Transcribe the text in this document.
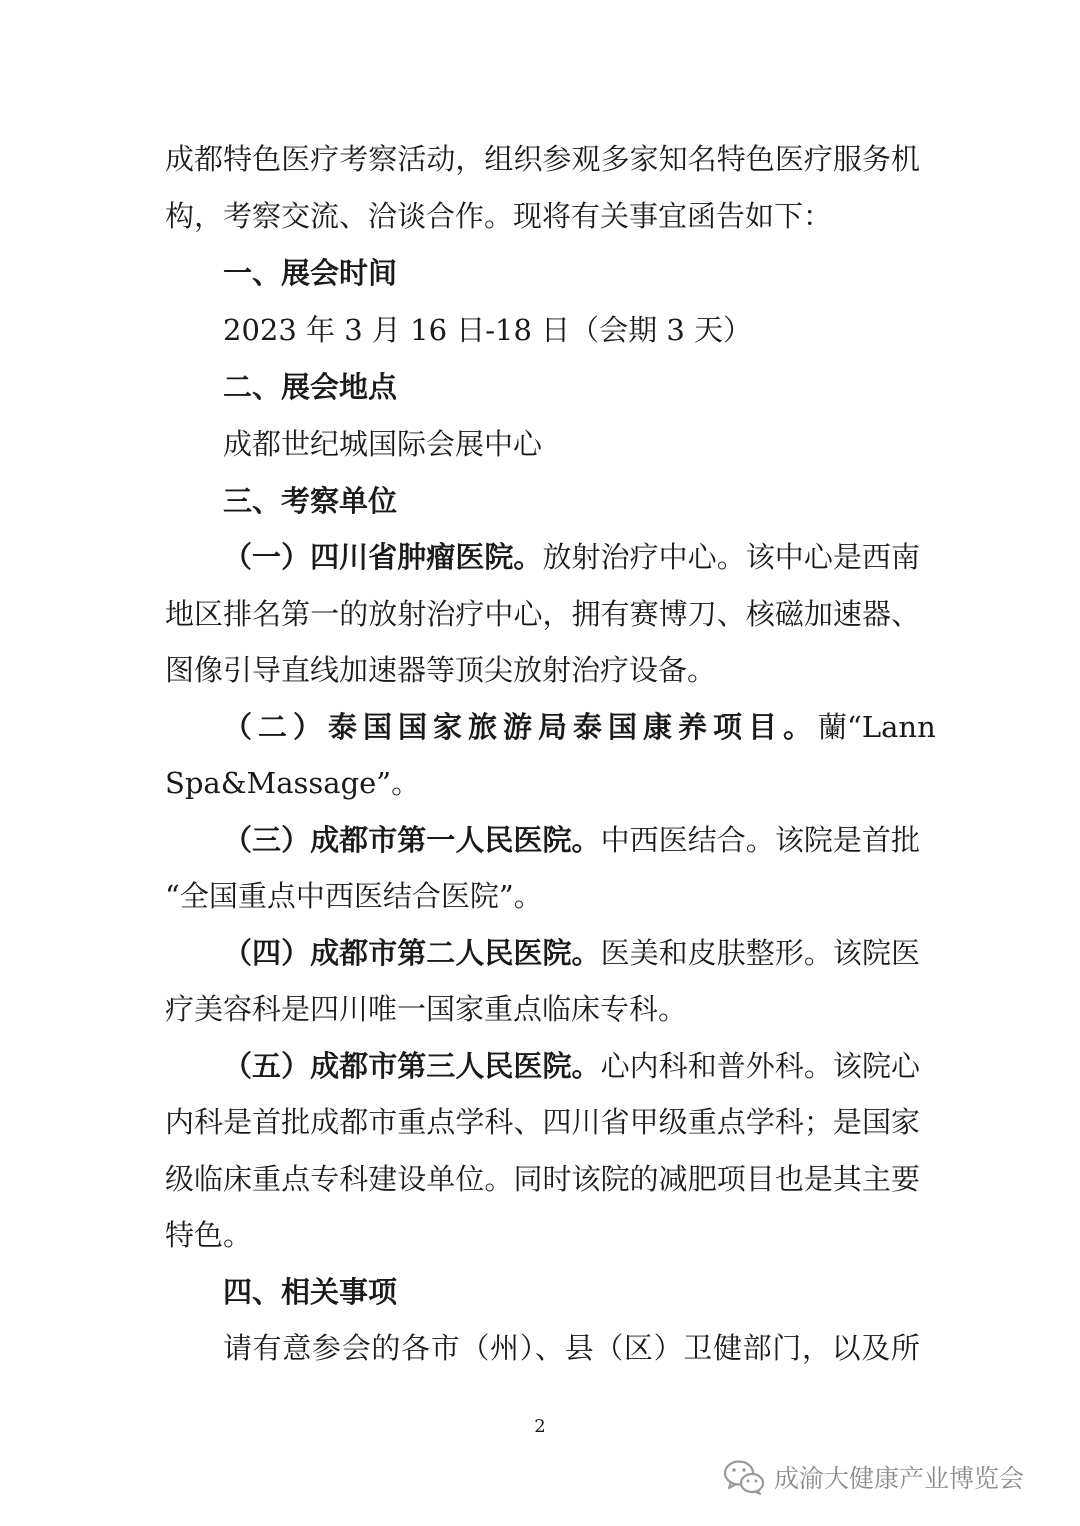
成都特色医疗考察活动，组织参观多家知名特色医疗服务机
构，考察交流、洽谈合作。现将有关事宜函告如下：
一、展会时间
2023 年 3 月 16 日-18 日（会期 3 天）
二、展会地点
成都世纪城国际会展中心
三、考察单位
（一）四川省肿瘤医院。放射治疗中心。该中心是西南
地区排名第一的放射治疗中心，拥有赛博刀、核磁加速器、
图像引导直线加速器等顶尖放射治疗设备。
（二）泰国国家旅游局泰国康养项目。蘭“Lann
Spa&Massage”。
（三）成都市第一人民医院。中西医结合。该院是首批
“全国重点中西医结合医院”。
（四）成都市第二人民医院。医美和皮肤整形。该院医
疗美容科是四川唯一国家重点临床专科。
（五）成都市第三人民医院。心内科和普外科。该院心
内科是首批成都市重点学科、四川省甲级重点学科；是国家
级临床重点专科建设单位。同时该院的减肥项目也是其主要
特色。
四、相关事项
请有意参会的各市（州）、县（区）卫健部门，以及所
2
成渝大健康产业博览会
